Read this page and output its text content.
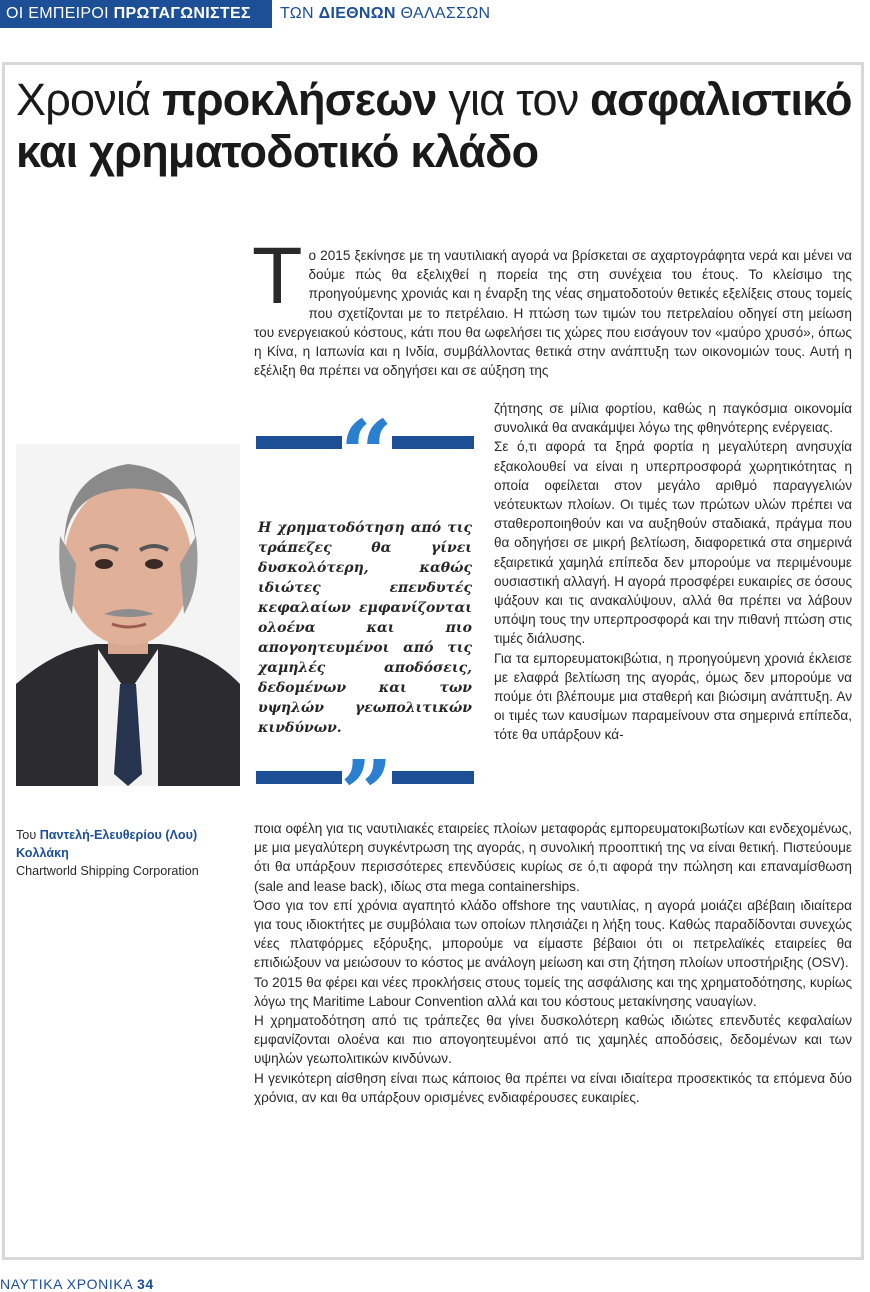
ΟΙ ΕΜΠΕΙΡΟΙ ΠΡΩΤΑΓΩΝΙΣΤΕΣ	ΤΩΝ ΔΙΕΘΝΩΝ ΘΑΛΑΣΣΩΝ
Χρονιά προκλήσεων για τον ασφαλιστικό
και χρηματοδοτικό κλάδο
Το 2015 ξεκίνησε με τη ναυτιλιακή αγορά να βρίσκεται σε αχαρτογράφητα νερά και μένει να δούμε πώς θα εξελιχθεί η πορεία της στη συνέχεια του έτους. Το κλείσιμο της προηγούμενης χρονιάς και η έναρξη της νέας σηματοδοτούν θετικές εξελίξεις στους τομείς που σχετίζονται με το πετρέλαιο. Η πτώση των τιμών του πετρελαίου οδηγεί στη μείωση του ενεργειακού κόστους, κάτι που θα ωφελήσει τις χώρες που εισάγουν τον «μαύρο χρυσό», όπως η Κίνα, η Ιαπωνία και η Ινδία, συμβάλλοντας θετικά στην ανάπτυξη των οικονομιών τους. Αυτή η εξέλιξη θα πρέπει να οδηγήσει και σε αύξηση της

ζήτησης σε μίλια φορτίου, καθώς η παγκόσμια οικονομία συνολικά θα ανακάμψει λόγω της φθηνότερης ενέργειας.

Σε ό,τι αφορά τα ξηρά φορτία η μεγαλύτερη ανησυχία εξακολουθεί να είναι η υπερπροσφορά χωρητικότητας η οποία οφείλεται στον μεγάλο αριθμό παραγγελιών νεότευκτων πλοίων. Οι τιμές των πρώτων υλών πρέπει να σταθεροποιηθούν και να αυξηθούν σταδιακά, πράγμα που θα οδηγήσει σε μικρή βελτίωση, διαφορετικά στα σημερινά εξαιρετικά χαμηλά επίπεδα δεν μπορούμε να περιμένουμε ουσιαστική αλλαγή. Η αγορά προσφέρει ευκαιρίες σε όσους ψάξουν και τις ανακαλύψουν, αλλά θα πρέπει να λάβουν υπόψη τους την υπερπροσφορά και την πιθανή πτώση στις τιμές διάλυσης.

Για τα εμπορευματοκιβώτια, η προηγούμενη χρονιά έκλεισε με ελαφρά βελτίωση της αγοράς, όμως δεν μπορούμε να πούμε ότι βλέπουμε μια σταθερή και βιώσιμη ανάπτυξη. Αν οι τιμές των καυσίμων παραμείνουν στα σημερινά επίπεδα, τότε θα υπάρξουν κά-

Του Παντελή-Ελευθερίου (Λου) Κολλάκη
Chartworld Shipping Corporation
“
Η χρηματοδότηση από τις τράπεζες θα γίνει δυσκολότερη, καθώς ιδιώτες επενδυτές κεφαλαίων εμφανίζονται ολοένα και πιο απογοητευμένοι από τις χαμηλές αποδόσεις, δεδομένων και των υψηλών γεωπολιτικών κινδύνων.
”

ποια οφέλη για τις ναυτιλιακές εταιρείες πλοίων μεταφοράς εμπορευματοκιβωτίων και ενδεχομένως, με μια μεγαλύτερη συγκέντρωση της αγοράς, η συνολική προοπτική της να είναι θετική. Πιστεύουμε ότι θα υπάρξουν περισσότερες επενδύσεις κυρίως σε ό,τι αφορά την πώληση και επαναμίσθωση (sale and lease back), ιδίως στα mega containerships.

Όσο για τον επί χρόνια αγαπητό κλάδο offshore της ναυτιλίας, η αγορά μοιάζει αβέβαιη ιδιαίτερα για τους ιδιοκτήτες με συμβόλαια των οποίων πλησιάζει η λήξη τους. Καθώς παραδίδονται συνεχώς νέες πλατφόρμες εξόρυξης, μπορούμε να είμαστε βέβαιοι ότι οι πετρελαϊκές εταιρείες θα επιδιώξουν να μειώσουν το κόστος με ανάλογη μείωση και στη ζήτηση πλοίων υποστήριξης (OSV).

Το 2015 θα φέρει και νέες προκλήσεις στους τομείς της ασφάλισης και της χρηματοδότησης, κυρίως λόγω της Maritime Labour Convention αλλά και του κόστους μετακίνησης ναυαγίων.

Η χρηματοδότηση από τις τράπεζες θα γίνει δυσκολότερη καθώς ιδιώτες επενδυτές κεφαλαίων εμφανίζονται ολοένα και πιο απογοητευμένοι από τις χαμηλές αποδόσεις, δεδομένων και των υψηλών γεωπολιτικών κινδύνων.

Η γενικότερη αίσθηση είναι πως κάποιος θα πρέπει να είναι ιδιαίτερα προσεκτικός τα επόμενα δύο χρόνια, αν και θα υπάρξουν ορισμένες ενδιαφέρουσες ευκαιρίες.

ΝΑΥΤΙΚΑ ΧΡΟΝΙΚΑ 34
